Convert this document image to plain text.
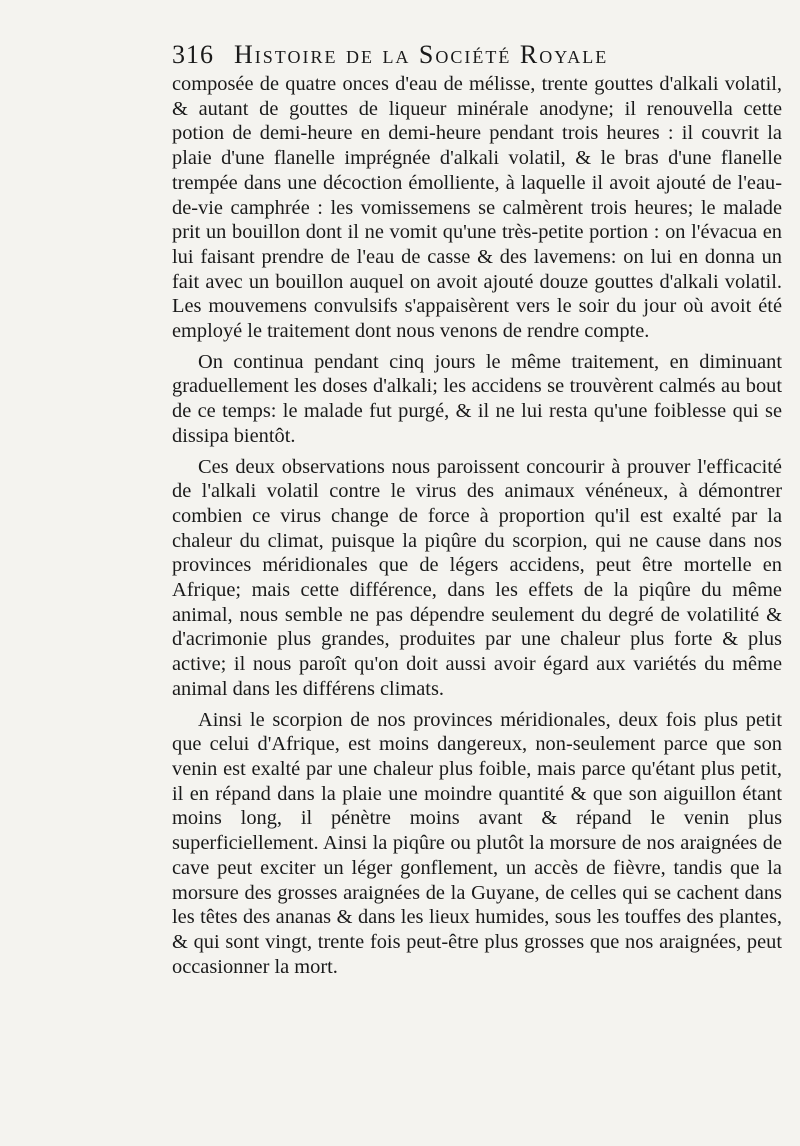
316 Histoire de la Société Royale

composée de quatre onces d'eau de mélisse, trente gouttes d'alkali volatil, & autant de gouttes de liqueur minérale anodyne; il renouvella cette potion de demi-heure en demi-heure pendant trois heures : il couvrit la plaie d'une flanelle imprégnée d'alkali volatil, & le bras d'une flanelle trempée dans une décoction émolliente, à laquelle il avoit ajouté de l'eau-de-vie camphrée : les vomissemens se calmèrent trois heures; le malade prit un bouillon dont il ne vomit qu'une très-petite portion : on l'évacua en lui faisant prendre de l'eau de casse & des lavemens: on lui en donna un fait avec un bouillon auquel on avoit ajouté douze gouttes d'alkali volatil. Les mouvemens convulsifs s'appaisèrent vers le soir du jour où avoit été employé le traitement dont nous venons de rendre compte.

On continua pendant cinq jours le même traitement, en diminuant graduellement les doses d'alkali; les accidens se trouvèrent calmés au bout de ce temps: le malade fut purgé, & il ne lui resta qu'une foiblesse qui se dissipa bientôt.

Ces deux observations nous paroissent concourir à prouver l'efficacité de l'alkali volatil contre le virus des animaux vénéneux, à démontrer combien ce virus change de force à proportion qu'il est exalté par la chaleur du climat, puisque la piqûre du scorpion, qui ne cause dans nos provinces méridionales que de légers accidens, peut être mortelle en Afrique; mais cette différence, dans les effets de la piqûre du même animal, nous semble ne pas dépendre seulement du degré de volatilité & d'acrimonie plus grandes, produites par une chaleur plus forte & plus active; il nous paroît qu'on doit aussi avoir égard aux variétés du même animal dans les différens climats.

Ainsi le scorpion de nos provinces méridionales, deux fois plus petit que celui d'Afrique, est moins dangereux, non-seulement parce que son venin est exalté par une chaleur plus foible, mais parce qu'étant plus petit, il en répand dans la plaie une moindre quantité & que son aiguillon étant moins long, il pénètre moins avant & répand le venin plus superficiellement. Ainsi la piqûre ou plutôt la morsure de nos araignées de cave peut exciter un léger gonflement, un accès de fièvre, tandis que la morsure des grosses araignées de la Guyane, de celles qui se cachent dans les têtes des ananas & dans les lieux humides, sous les touffes des plantes, & qui sont vingt, trente fois peut-être plus grosses que nos araignées, peut occasionner la mort.
